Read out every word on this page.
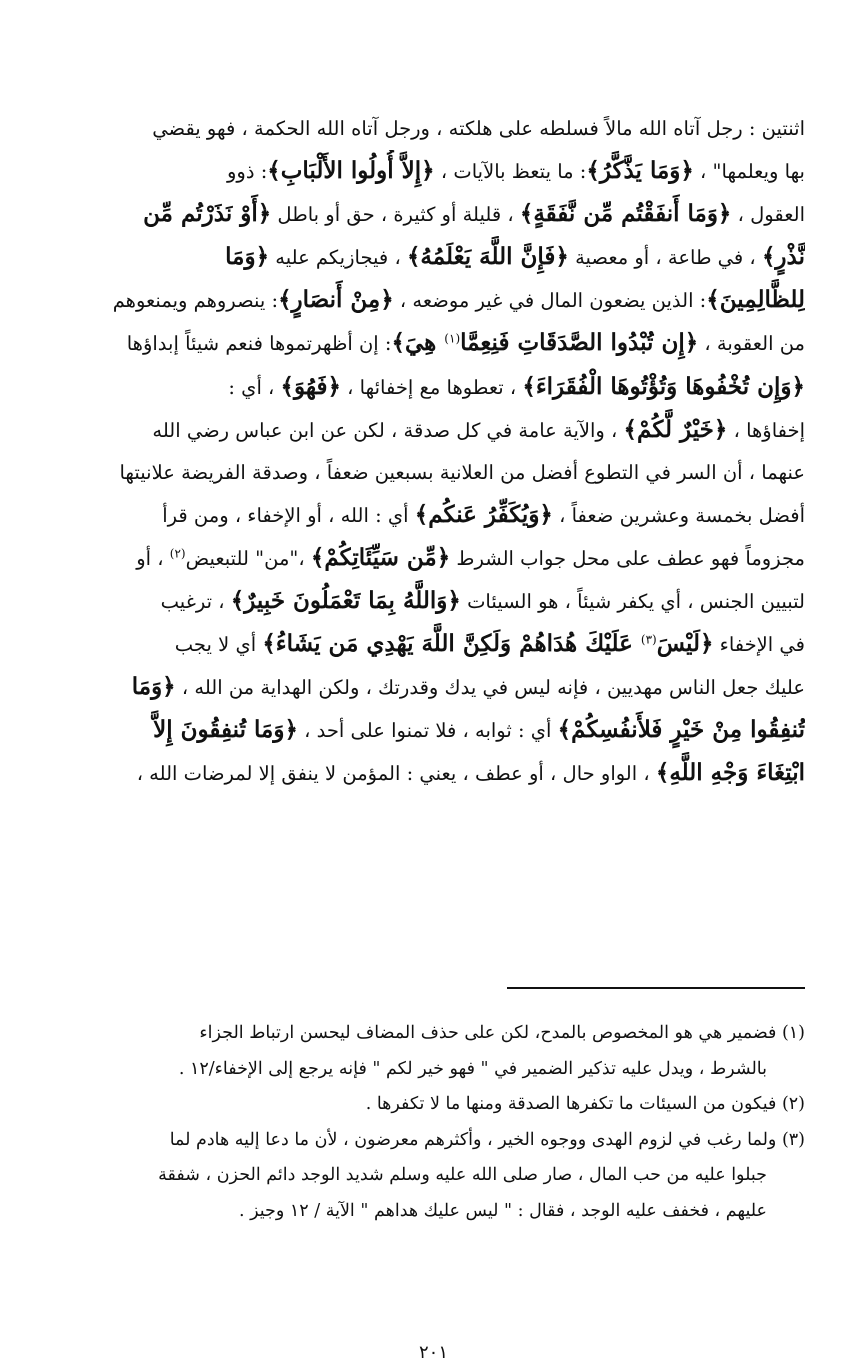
اثنتين : رجل آتاه الله مالاً فسلطه على هلكته ، ورجل آتاه الله الحكمة ، فهو يقضي
بها ويعلمها" ، ﴿وَمَا يَذَّكَّرُ﴾: ما يتعظ بالآيات ، ﴿إِلاَّ أُولُوا الأَلْبَابِ﴾: ذوو
العقول ، ﴿وَمَا أَنفَقْتُم مِّن نَّفَقَةٍ﴾ ، قليلة أو كثيرة ، حق أو باطل ﴿أَوْ نَذَرْتُم مِّن
نَّذْرٍ﴾ ، في طاعة ، أو معصية ﴿فَإِنَّ اللَّهَ يَعْلَمُهُ﴾ ، فيجازيكم عليه ﴿وَمَا
لِلظَّالِمِينَ﴾: الذين يضعون المال في غير موضعه ، ﴿مِنْ أَنصَارٍ﴾: ينصروهم ويمنعوهم
من العقوبة ، ﴿إِن تُبْدُوا الصَّدَقَاتِ فَنِعِمَّا$^{(١)}$ هِيَ﴾: إن أظهرتموها فنعم شيئاً إبداؤها
﴿وَإِن تُخْفُوهَا وَتُؤْتُوهَا الْفُقَرَاءَ﴾ ، تعطوها مع إخفائها ، ﴿فَهُوَ﴾ ، أي :
إخفاؤها ، ﴿خَيْرٌ لَّكُمْ﴾ ، والآية عامة في كل صدقة ، لكن عن ابن عباس رضي الله
عنهما ، أن السر في التطوع أفضل من العلانية بسبعين ضعفاً ، وصدقة الفريضة علانيتها
أفضل بخمسة وعشرين ضعفاً ، ﴿وَيُكَفِّرُ عَنكُم﴾ أي : الله ، أو الإخفاء ، ومن قرأ
مجزوماً فهو عطف على محل جواب الشرط ﴿مِّن سَيِّئَاتِكُمْ﴾ ،"من" للتبعيض$^{(٢)}$ ، أو
لتبيين الجنس ، أي يكفر شيئاً ، هو السيئات ﴿وَاللَّهُ بِمَا تَعْمَلُونَ خَبِيرٌ﴾ ، ترغيب
في الإخفاء ﴿لَيْسَ$^{(٣)}$ عَلَيْكَ هُدَاهُمْ وَلَكِنَّ اللَّهَ يَهْدِي مَن يَشَاءُ﴾ أي لا يجب
عليك جعل الناس مهديين ، فإنه ليس في يدك وقدرتك ، ولكن الهداية من الله ، ﴿وَمَا
تُنفِقُوا مِنْ خَيْرٍ فَلأَنفُسِكُمْ﴾ أي : ثوابه ، فلا تمنوا على أحد ، ﴿وَمَا تُنفِقُونَ إِلاَّ
ابْتِغَاءَ وَجْهِ اللَّهِ﴾ ، الواو حال ، أو عطف ، يعني : المؤمن لا ينفق إلا لمرضات الله ،
(١) فضمير هي هو المخصوص بالمدح، لكن على حذف المضاف ليحسن ارتباط الجزاء
بالشرط ، ويدل عليه تذكير الضمير في " فهو خير لكم " فإنه يرجع إلى الإخفاء/١٢ .
(٢) فيكون من السيئات ما تكفرها الصدقة ومنها ما لا تكفرها .
(٣) ولما رغب في لزوم الهدى ووجوه الخير ، وأكثرهم معرضون ، لأن ما دعا إليه هادم لما
جبلوا عليه من حب المال ، صار صلى الله عليه وسلم شديد الوجد دائم الحزن ، شفقة
عليهم ، فخفف عليه الوجد ، فقال : " ليس عليك هداهم " الآية / ١٢ وجيز .
٢٠١
